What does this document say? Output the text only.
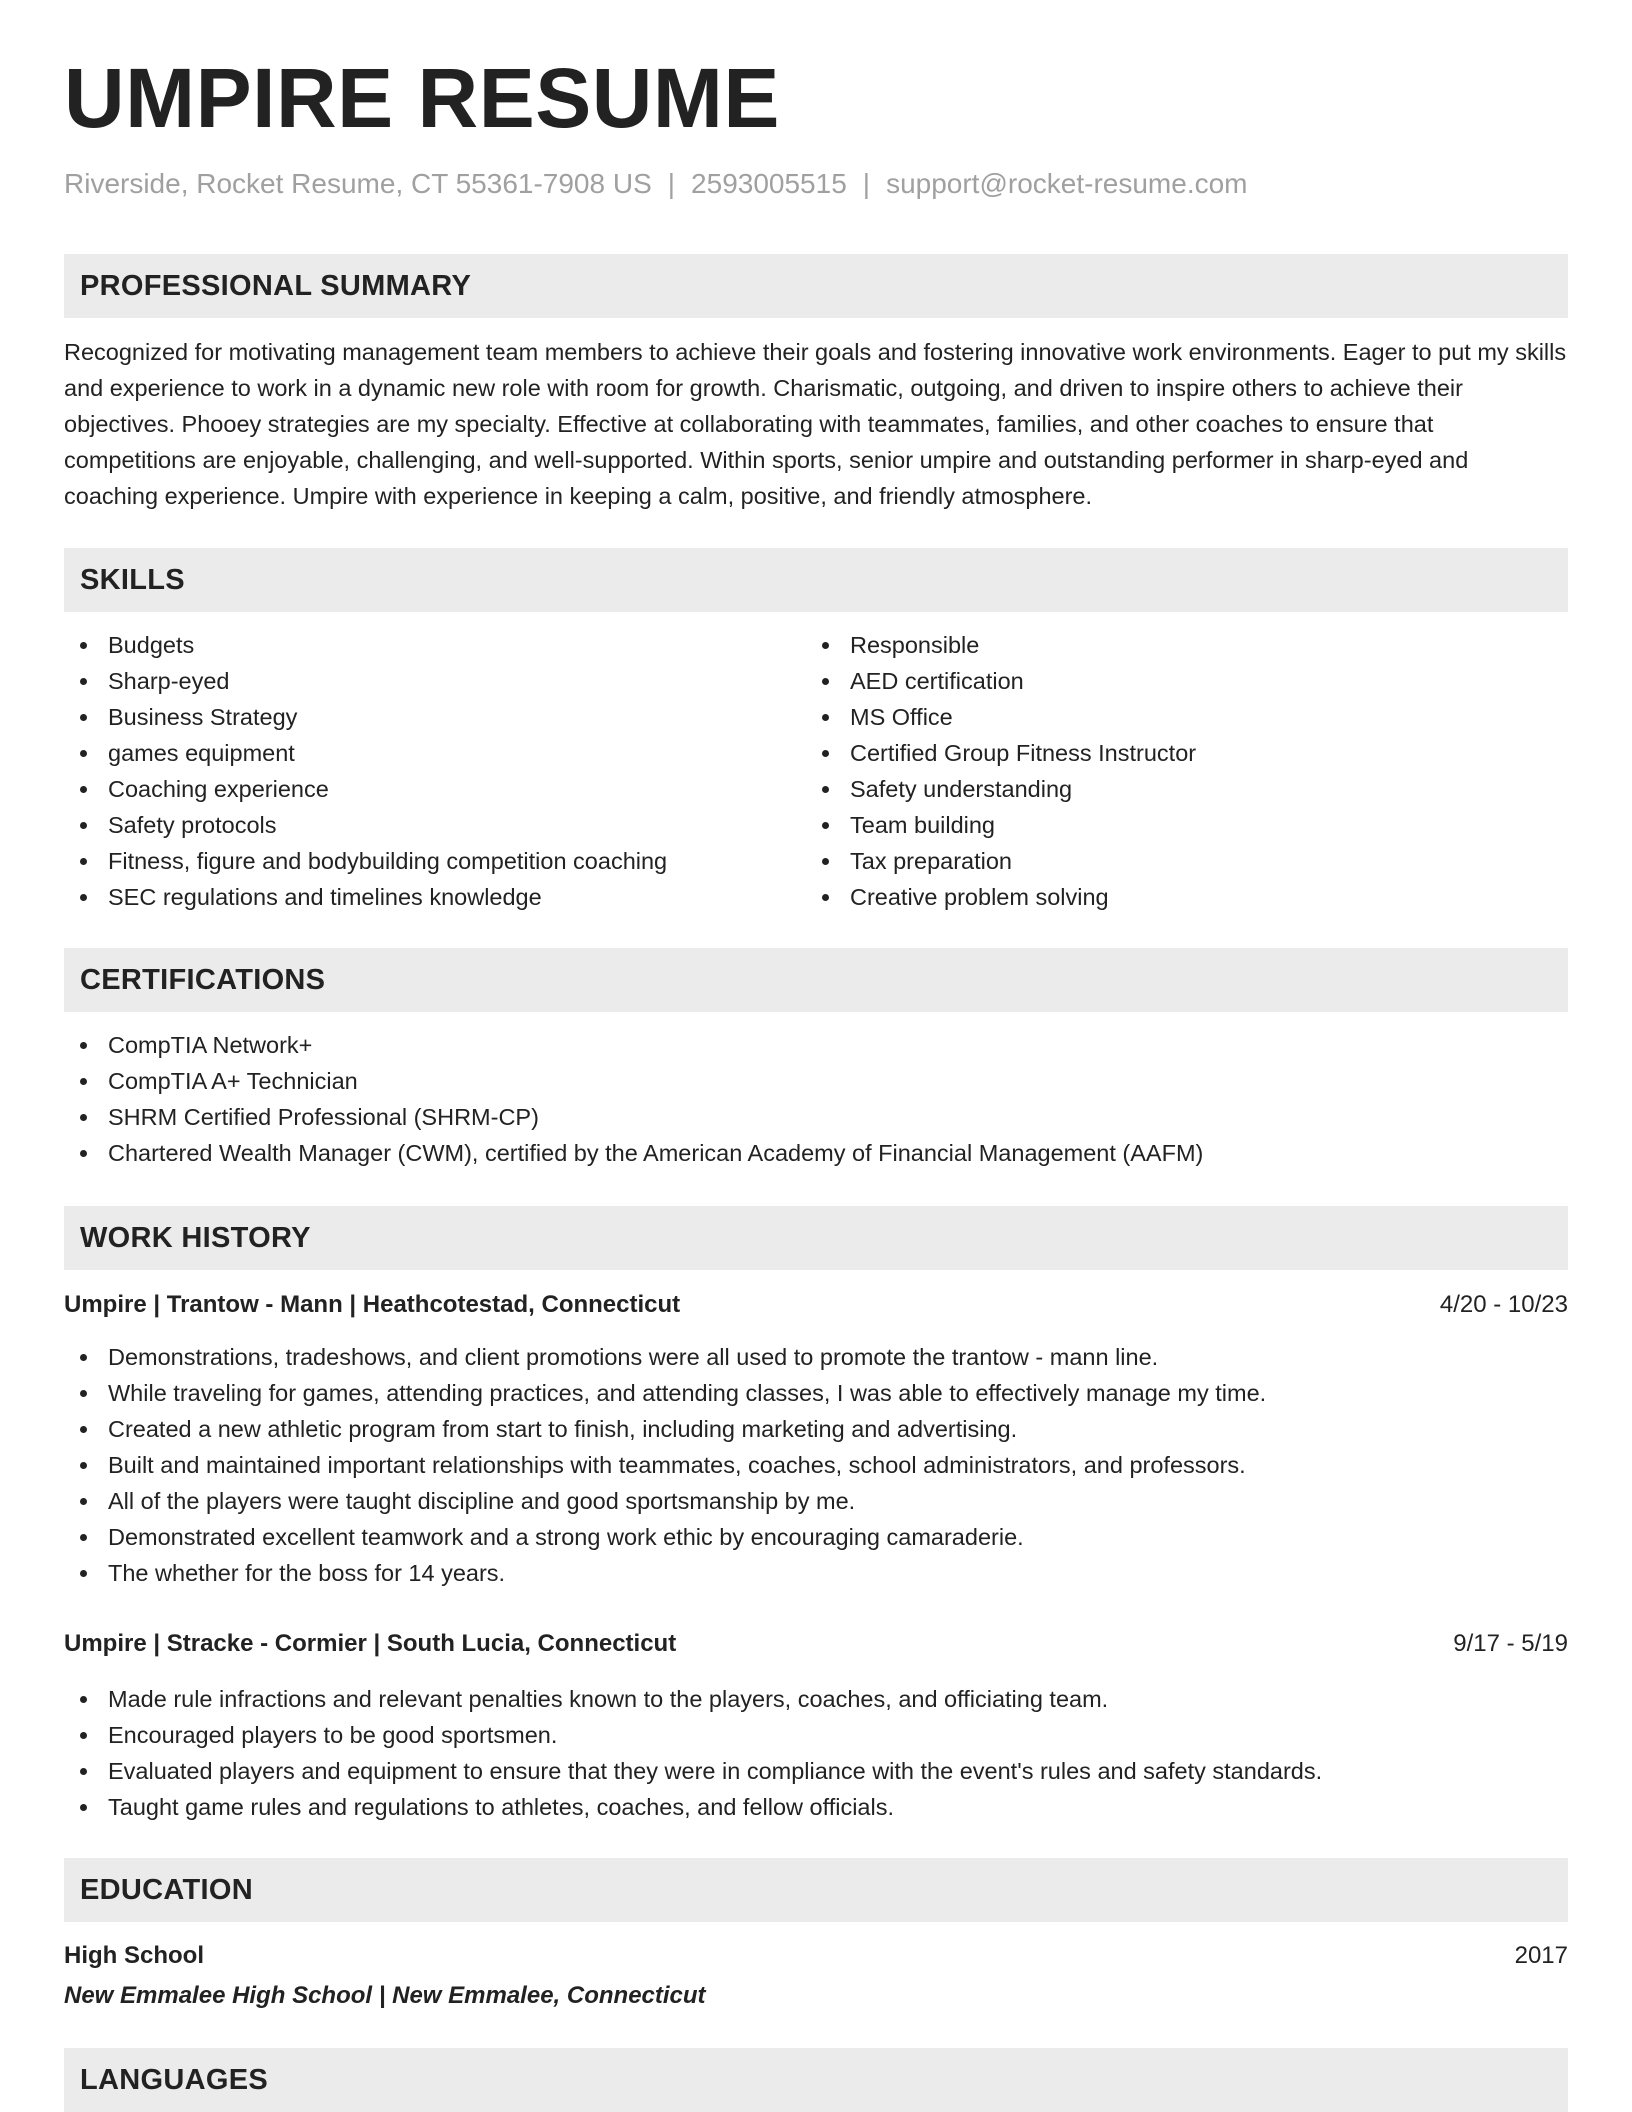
UMPIRE RESUME
Riverside, Rocket Resume, CT 55361-7908 US | 2593005515 | support@rocket-resume.com
PROFESSIONAL SUMMARY

Recognized for motivating management team members to achieve their goals and fostering innovative work environments. Eager to put my skills and experience to work in a dynamic new role with room for growth. Charismatic, outgoing, and driven to inspire others to achieve their objectives. Phooey strategies are my specialty. Effective at collaborating with teammates, families, and other coaches to ensure that competitions are enjoyable, challenging, and well-supported. Within sports, senior umpire and outstanding performer in sharp-eyed and coaching experience. Umpire with experience in keeping a calm, positive, and friendly atmosphere.

SKILLS
Budgets
Sharp-eyed
Business Strategy
games equipment
Coaching experience
Safety protocols
Fitness, figure and bodybuilding competition coaching
SEC regulations and timelines knowledge
Responsible
AED certification
MS Office
Certified Group Fitness Instructor
Safety understanding
Team building
Tax preparation
Creative problem solving
CERTIFICATIONS
CompTIA Network+
CompTIA A+ Technician
SHRM Certified Professional (SHRM-CP)
Chartered Wealth Manager (CWM), certified by the American Academy of Financial Management (AAFM)
WORK HISTORY
Umpire | Trantow - Mann | Heathcotestad, Connecticut	4/20 - 10/23
Demonstrations, tradeshows, and client promotions were all used to promote the trantow - mann line.
While traveling for games, attending practices, and attending classes, I was able to effectively manage my time.
Created a new athletic program from start to finish, including marketing and advertising.
Built and maintained important relationships with teammates, coaches, school administrators, and professors.
All of the players were taught discipline and good sportsmanship by me.
Demonstrated excellent teamwork and a strong work ethic by encouraging camaraderie.
The whether for the boss for 14 years.
Umpire | Stracke - Cormier | South Lucia, Connecticut	9/17 - 5/19
Made rule infractions and relevant penalties known to the players, coaches, and officiating team.
Encouraged players to be good sportsmen.
Evaluated players and equipment to ensure that they were in compliance with the event's rules and safety standards.
Taught game rules and regulations to athletes, coaches, and fellow officials.
EDUCATION
High School	2017
New Emmalee High School | New Emmalee, Connecticut
LANGUAGES
